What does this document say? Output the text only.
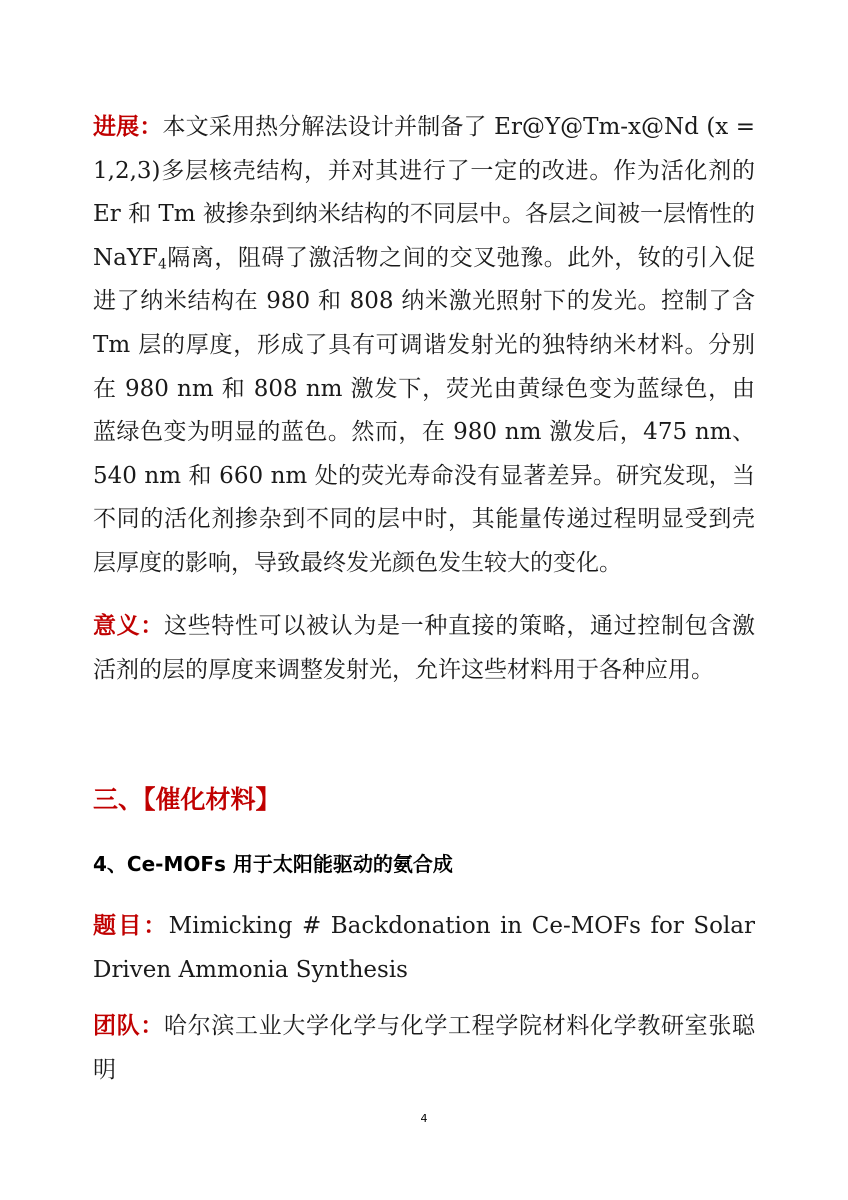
进展：本文采用热分解法设计并制备了 Er@Y@Tm-x@Nd (x = 1,2,3)多层核壳结构，并对其进行了一定的改进。作为活化剂的 Er 和 Tm 被掺杂到纳米结构的不同层中。各层之间被一层惰性的 NaYF$_4$隔离，阻碍了激活物之间的交叉弛豫。此外，钕的引入促进了纳米结构在 980 和 808 纳米激光照射下的发光。控制了含 Tm 层的厚度，形成了具有可调谐发射光的独特纳米材料。分别在 980 nm 和 808 nm 激发下，荧光由黄绿色变为蓝绿色，由蓝绿色变为明显的蓝色。然而，在 980 nm 激发后，475 nm、540 nm 和 660 nm 处的荧光寿命没有显著差异。研究发现，当不同的活化剂掺杂到不同的层中时，其能量传递过程明显受到壳层厚度的影响，导致最终发光颜色发生较大的变化。

意义：这些特性可以被认为是一种直接的策略，通过控制包含激活剂的层的厚度来调整发射光，允许这些材料用于各种应用。

三、【催化材料】
4、Ce-MOFs 用于太阳能驱动的氨合成

题目：Mimicking # Backdonation in Ce-MOFs for Solar Driven Ammonia Synthesis

团队：哈尔滨工业大学化学与化学工程学院材料化学教研室张聪明

4
